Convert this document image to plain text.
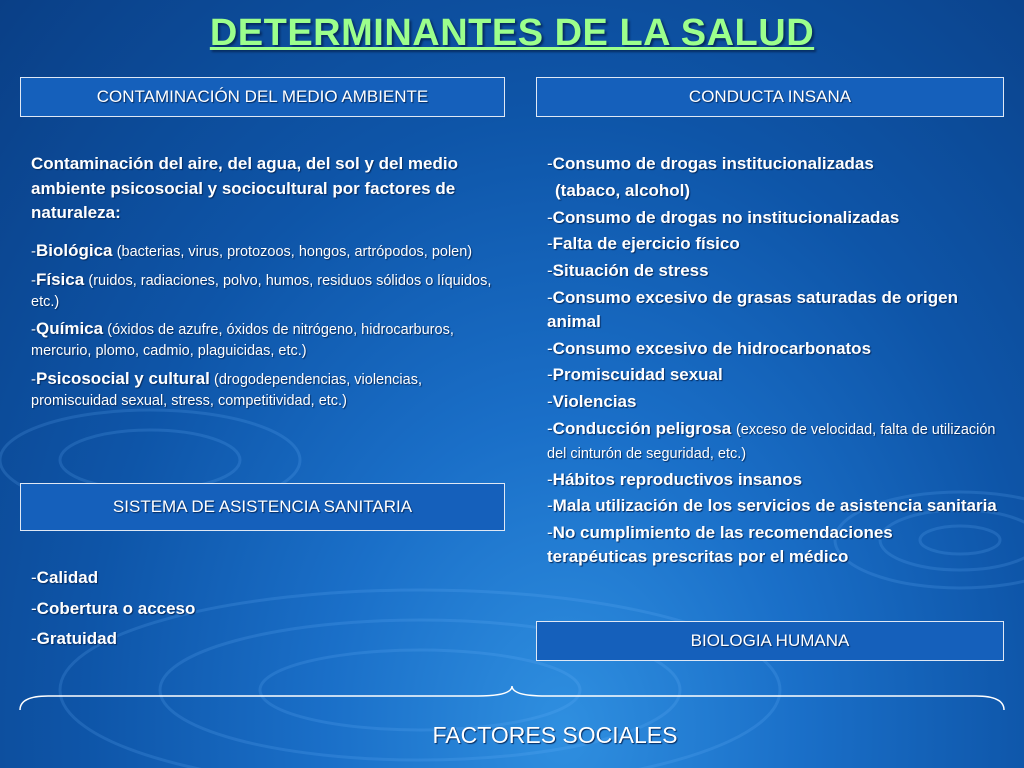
DETERMINANTES DE LA SALUD
CONTAMINACIÓN DEL MEDIO AMBIENTE	CONDUCTA INSANA
SISTEMA DE ASISTENCIA SANITARIA
BIOLOGIA HUMANA

Contaminación del aire, del agua, del sol y del medio ambiente psicosocial y sociocultural por factores de naturaleza:

-Biológica (bacterias, virus, protozoos, hongos, artrópodos, polen)
-Física (ruidos, radiaciones, polvo, humos, residuos sólidos o líquidos, etc.)
-Química (óxidos de azufre, óxidos de nitrógeno, hidrocarburos, mercurio, plomo, cadmio, plaguicidas, etc.)
-Psicosocial y cultural (drogodependencias, violencias, promiscuidad sexual, stress, competitividad, etc.)
-Calidad
-Cobertura o acceso
-Gratuidad
-Consumo de drogas institucionalizadas
(tabaco, alcohol)
-Consumo de drogas no institucionalizadas
-Falta de ejercicio físico
-Situación de stress
-Consumo excesivo de grasas saturadas de origen animal
-Consumo excesivo de hidrocarbonatos
-Promiscuidad sexual
-Violencias
-Conducción peligrosa (exceso de velocidad, falta de utilización del cinturón de seguridad, etc.)
-Hábitos reproductivos insanos
-Mala utilización de los servicios de asistencia sanitaria
-No cumplimiento de las recomendaciones terapéuticas prescritas por el médico
FACTORES SOCIALES
